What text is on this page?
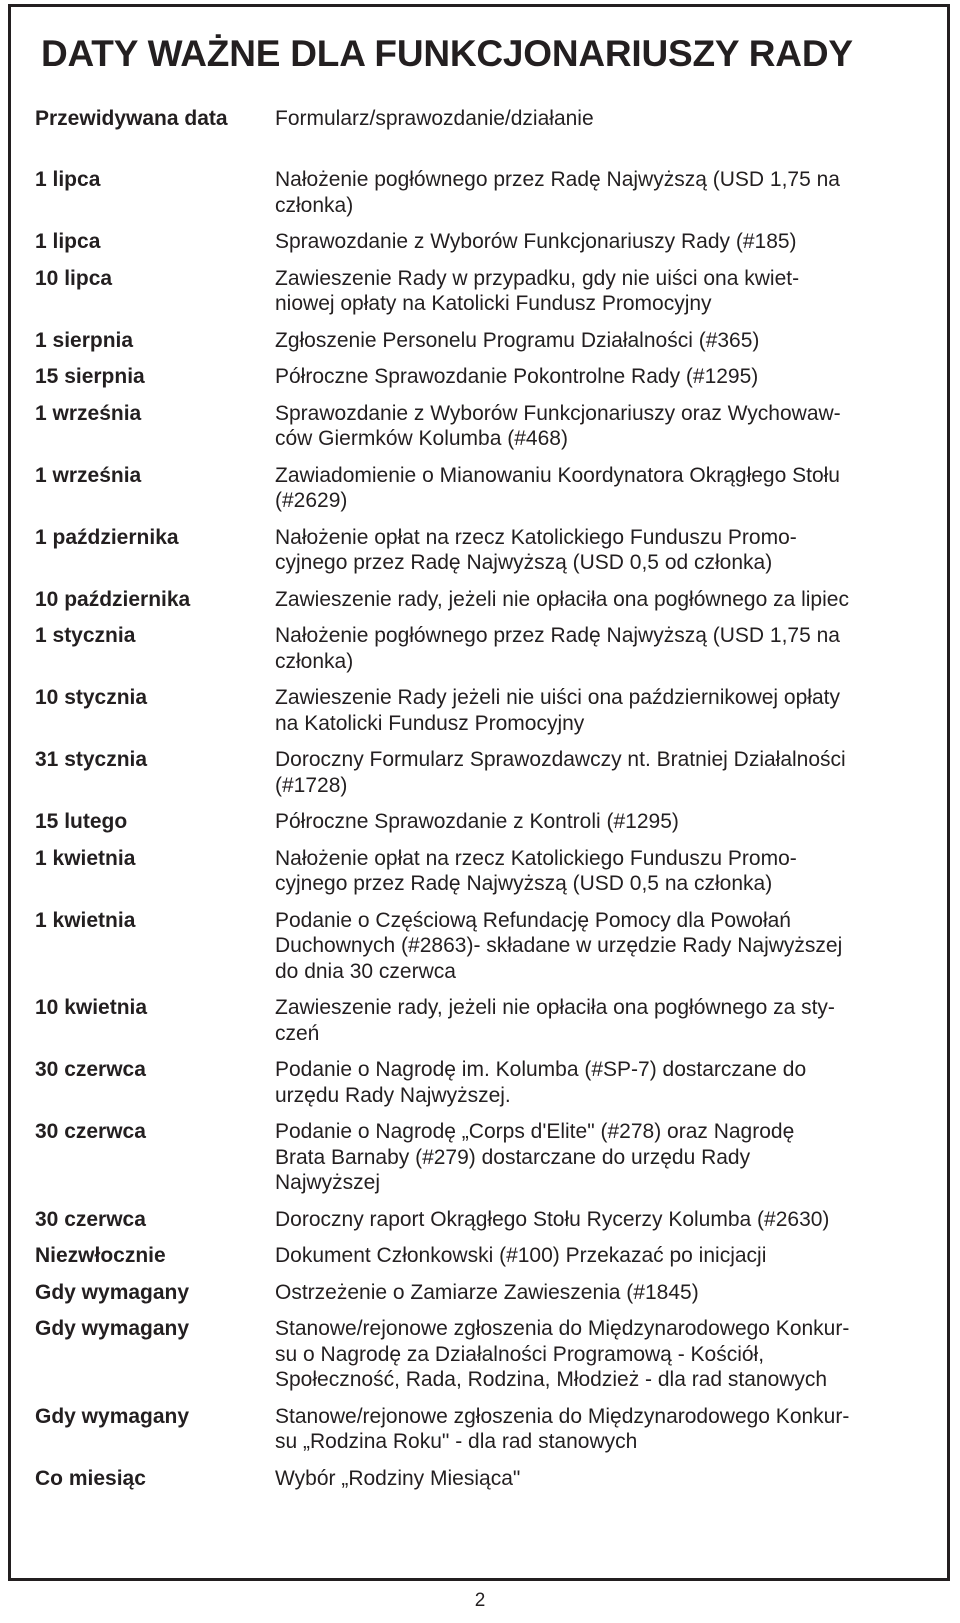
DATY WAŻNE DLA FUNKCJONARIUSZY RADY
Przewidywana data Formularz/sprawozdanie/działanie
1 lipca	Nałożenie pogłównego przez Radę Najwyższą (USD 1,75 na
członka)
1 lipca	Sprawozdanie z Wyborów Funkcjonariuszy Rady (#185)
10 lipca	Zawieszenie Rady w przypadku, gdy nie uiści ona kwiet-
niowej opłaty na Katolicki Fundusz Promocyjny
1 sierpnia	Zgłoszenie Personelu Programu Działalności (#365)
15 sierpnia	Półroczne Sprawozdanie Pokontrolne Rady (#1295)
1 września	Sprawozdanie z Wyborów Funkcjonariuszy oraz Wychowaw-
ców Giermków Kolumba (#468)
1 września	Zawiadomienie o Mianowaniu Koordynatora Okrągłego Stołu
(#2629)
1 października	Nałożenie opłat na rzecz Katolickiego Funduszu Promo-
cyjnego przez Radę Najwyższą (USD 0,5 od członka)
10 października	Zawieszenie rady, jeżeli nie opłaciła ona pogłównego za lipiec
1 stycznia	Nałożenie pogłównego przez Radę Najwyższą (USD 1,75 na
członka)
10 stycznia	Zawieszenie Rady jeżeli nie uiści ona październikowej opłaty
na Katolicki Fundusz Promocyjny
31 stycznia	Doroczny Formularz Sprawozdawczy nt. Bratniej Działalności
(#1728)
15 lutego	Półroczne Sprawozdanie z Kontroli (#1295)
1 kwietnia	Nałożenie opłat na rzecz Katolickiego Funduszu Promo-
cyjnego przez Radę Najwyższą (USD 0,5 na członka)
1 kwietnia	Podanie o Częściową Refundację Pomocy dla Powołań
Duchownych (#2863)- składane w urzędzie Rady Najwyższej
do dnia 30 czerwca
10 kwietnia	Zawieszenie rady, jeżeli nie opłaciła ona pogłównego za sty-
czeń
30 czerwca	Podanie o Nagrodę im. Kolumba (#SP-7) dostarczane do
urzędu Rady Najwyższej.
30 czerwca	Podanie o Nagrodę „Corps d'Elite" (#278) oraz Nagrodę
Brata Barnaby (#279) dostarczane do urzędu Rady
Najwyższej
30 czerwca	Doroczny raport Okrągłego Stołu Rycerzy Kolumba (#2630)
Niezwłocznie	Dokument Członkowski (#100) Przekazać po inicjacji
Gdy wymagany	Ostrzeżenie o Zamiarze Zawieszenia (#1845)
Gdy wymagany	Stanowe/rejonowe zgłoszenia do Międzynarodowego Konkur-
su o Nagrodę za Działalności Programową - Kościół,
Społeczność, Rada, Rodzina, Młodzież - dla rad stanowych
Gdy wymagany	Stanowe/rejonowe zgłoszenia do Międzynarodowego Konkur-
su „Rodzina Roku" - dla rad stanowych
Co miesiąc	Wybór „Rodziny Miesiąca"
2
